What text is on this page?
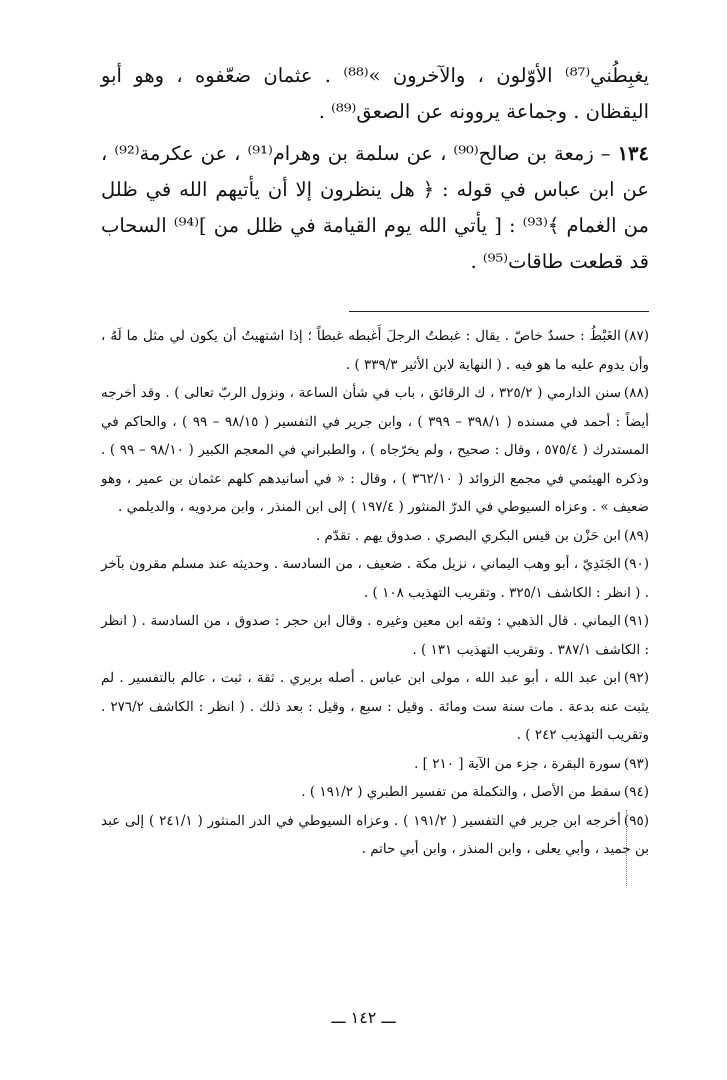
يغبِطُني⁽⁸⁷⁾ الأوّلون ، والآخرون »⁽⁸⁸⁾ . عثمان ضعّفوه ، وهو أبو اليقظان . وجماعة يروونه عن الصعق⁽⁸⁹⁾ .

١٣٤ – زمعة بن صالح⁽⁹⁰⁾ ، عن سلمة بن وهرام⁽⁹¹⁾ ، عن عكرمة⁽⁹²⁾ ، عن ابن عباس في قوله : ﴿ هل ينظرون إلا أن يأتيهم الله في ظلل من الغمام ﴾⁽⁹³⁾ : [ يأتي الله يوم القيامة في ظلل من ]⁽⁹⁴⁾ السحاب قد قطعت طاقات⁽⁹⁵⁾ .

(٨٧)الغَبْطُ : حسدٌ خاصّ . يقال : غبطتُ الرجلَ أَغبطه غبطاً ؛ إذا اشتهيتُ أن يكون لي مثل ما لَهُ ، وأن يدوم عليه ما هو فيه . ( النهاية لابن الأثير ٣٣٩/٣ ) .

(٨٨)سنن الدارمي ( ٣٢٥/٢ ، ك الرقائق ، باب في شأن الساعة ، ونزول الربّ تعالى ) . وقد أخرجه أيضاً : أحمد في مسنده ( ٣٩٨/١ – ٣٩٩ ) ، وابن جرير في التفسير ( ٩٨/١٥ – ٩٩ ) ، والحاكم في المستدرك ( ٥٧٥/٤ ، وقال : صحيح ، ولم يخرّجاه ) ، والطبراني في المعجم الكبير ( ٩٨/١٠ – ٩٩ ) . وذكره الهيثمي في مجمع الزوائد ( ٣٦٢/١٠ ) ، وقال : « في أسانيدهم كلهم عثمان بن عمير ، وهو ضعيف » . وعزاه السيوطي في الدرّ المنثور ( ١٩٧/٤ ) إلى ابن المنذر ، وابن مردويه ، والديلمي .

(٨٩)ابن حَزْن بن قيس البكري البصري . صدوق يهم . تقدّم .

(٩٠)الجَنَدِيّ ، أبو وهب اليماني ، نزيل مكة . ضعيف ، من السادسة . وحديثه عند مسلم مقرون بآخر . ( انظر : الكاشف ٣٢٥/١ . وتقريب التهذيب ١٠٨ ) .

(٩١)اليماني . قال الذهبي : وثقه ابن معين وغيره . وقال ابن حجر : صدوق ، من السادسة . ( انظر : الكاشف ٣٨٧/١ . وتقريب التهذيب ١٣١ ) .

(٩٢)ابن عبد الله ، أبو عبد الله ، مولى ابن عباس . أصله بربري . ثقة ، ثبت ، عالم بالتفسير . لم يثبت عنه بدعة . مات سنة ست ومائة . وقيل : سبع ، وقيل : بعد ذلك . ( انظر : الكاشف ٢٧٦/٢ . وتقريب التهذيب ٢٤٢ ) .

(٩٣)سورة البقرة ، جزء من الآية [ ٢١٠ ] .

(٩٤)سقط من الأصل ، والتكملة من تفسير الطبري ( ١٩١/٢ ) .

(٩٥)أخرجه ابن جرير في التفسير ( ١٩١/٢ ) . وعزاه السيوطي في الدر المنثور ( ٢٤١/١ ) إلى عبد بن حميد ، وأبي يعلى ، وابن المنذر ، وابن أبي حاتم .

ـــ ١٤٢ ـــ
